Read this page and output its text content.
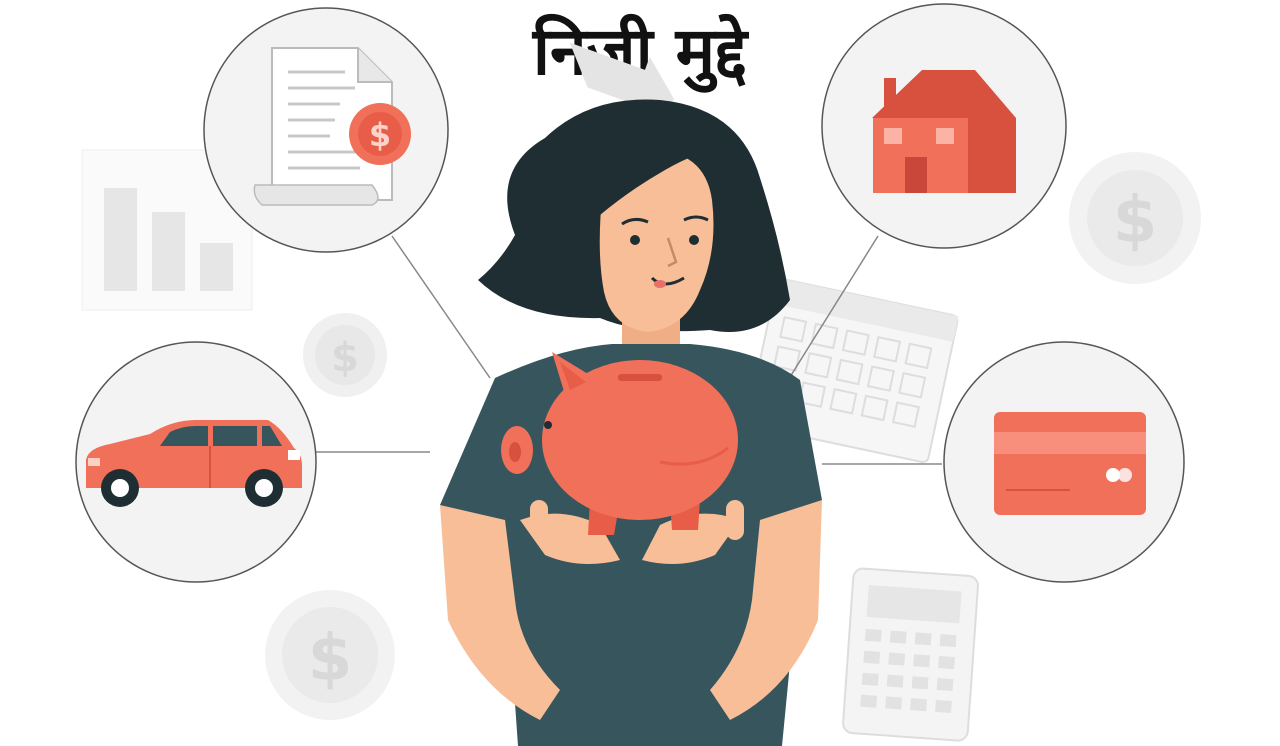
निजी मुद्दे
$
$
$
$
